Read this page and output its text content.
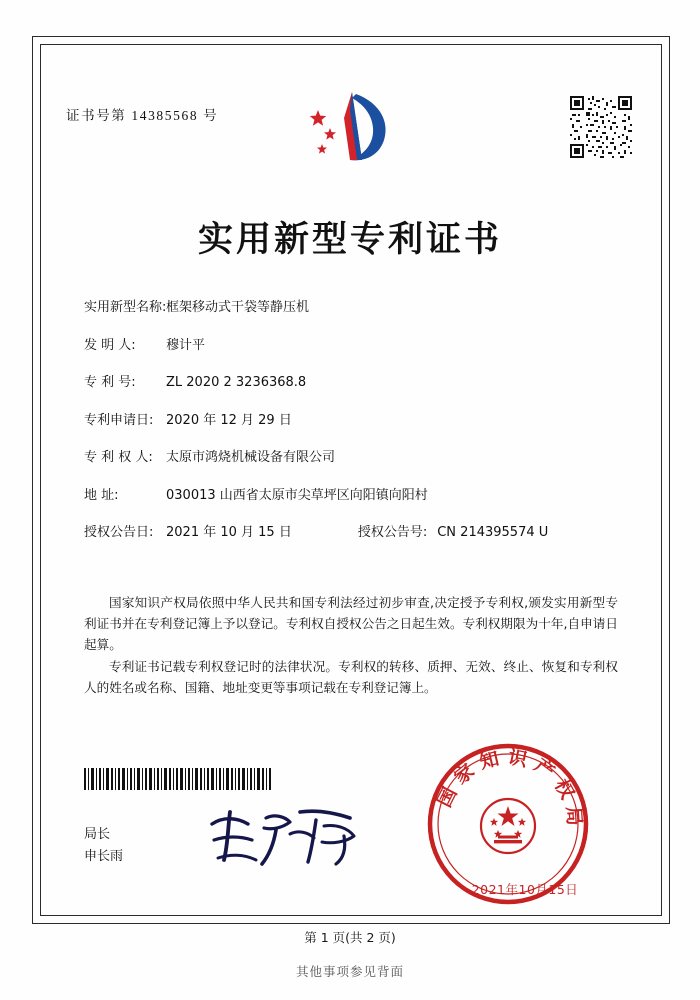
证书号第 14385568 号
实用新型专利证书
实用新型名称: 框架移动式干袋等静压机
发 明 人:	穆计平
专 利 号:	ZL 2020 2 3236368.8
专利申请日: 2020 年 12 月 29 日
专 利 权 人:	太原市鸿烧机械设备有限公司
地 址:	030013 山西省太原市尖草坪区向阳镇向阳村
授权公告日: 2021 年 10 月 15 日	授权公告号: CN 214395574 U

国家知识产权局依照中华人民共和国专利法经过初步审查,决定授予专利权,颁发实用新型专利证书并在专利登记簿上予以登记。专利权自授权公告之日起生效。专利权期限为十年,自申请日起算。

专利证书记载专利权登记时的法律状况。专利权的转移、质押、无效、终止、恢复和专利权人的姓名或名称、国籍、地址变更等事项记载在专利登记簿上。

国家知识产权局
2021年10月15日
局长
申长雨
第 1 页(共 2 页)
其他事项参见背面
